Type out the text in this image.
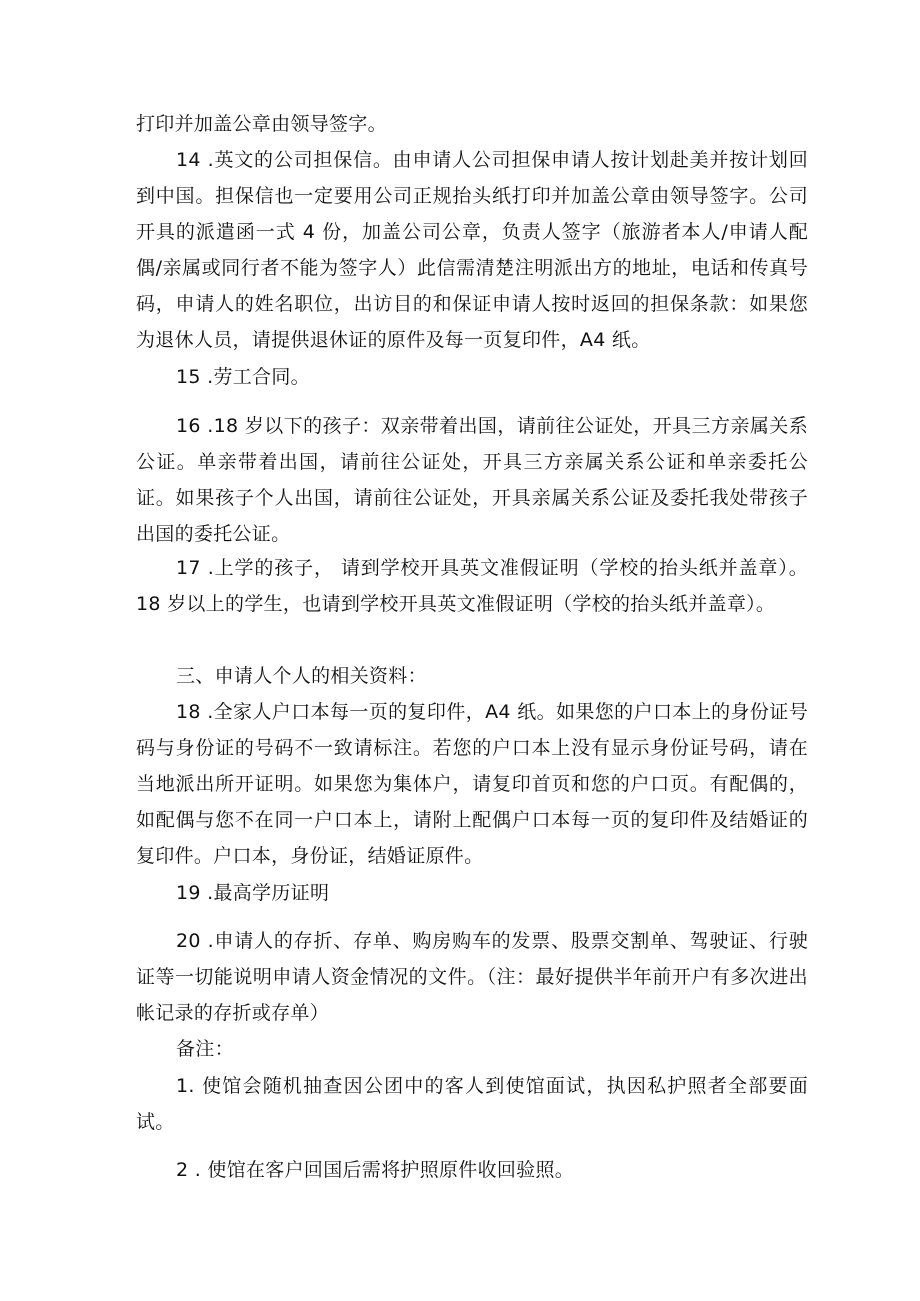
打印并加盖公章由领导签字。

14 .英文的公司担保信。由申请人公司担保申请人按计划赴美并按计划回到中国。担保信也一定要用公司正规抬头纸打印并加盖公章由领导签字。公司开具的派遣函一式 4 份，加盖公司公章，负责人签字（旅游者本人/申请人配偶/亲属或同行者不能为签字人）此信需清楚注明派出方的地址，电话和传真号码，申请人的姓名职位，出访目的和保证申请人按时返回的担保条款：如果您为退休人员，请提供退休证的原件及每一页复印件，A4 纸。

15 .劳工合同。

16 .18 岁以下的孩子：双亲带着出国，请前往公证处，开具三方亲属关系公证。单亲带着出国，请前往公证处，开具三方亲属关系公证和单亲委托公证。如果孩子个人出国，请前往公证处，开具亲属关系公证及委托我处带孩子出国的委托公证。

17 .上学的孩子， 请到学校开具英文准假证明（学校的抬头纸并盖章）。18 岁以上的学生，也请到学校开具英文准假证明（学校的抬头纸并盖章）。

三、申请人个人的相关资料：

18 .全家人户口本每一页的复印件，A4 纸。如果您的户口本上的身份证号码与身份证的号码不一致请标注。若您的户口本上没有显示身份证号码，请在当地派出所开证明。如果您为集体户，请复印首页和您的户口页。有配偶的，如配偶与您不在同一户口本上，请附上配偶户口本每一页的复印件及结婚证的复印件。户口本，身份证，结婚证原件。

19 .最高学历证明

20 .申请人的存折、存单、购房购车的发票、股票交割单、驾驶证、行驶证等一切能说明申请人资金情况的文件。（注：最好提供半年前开户有多次进出帐记录的存折或存单）

备注：

1. 使馆会随机抽查因公团中的客人到使馆面试，执因私护照者全部要面试。

2 . 使馆在客户回国后需将护照原件收回验照。
